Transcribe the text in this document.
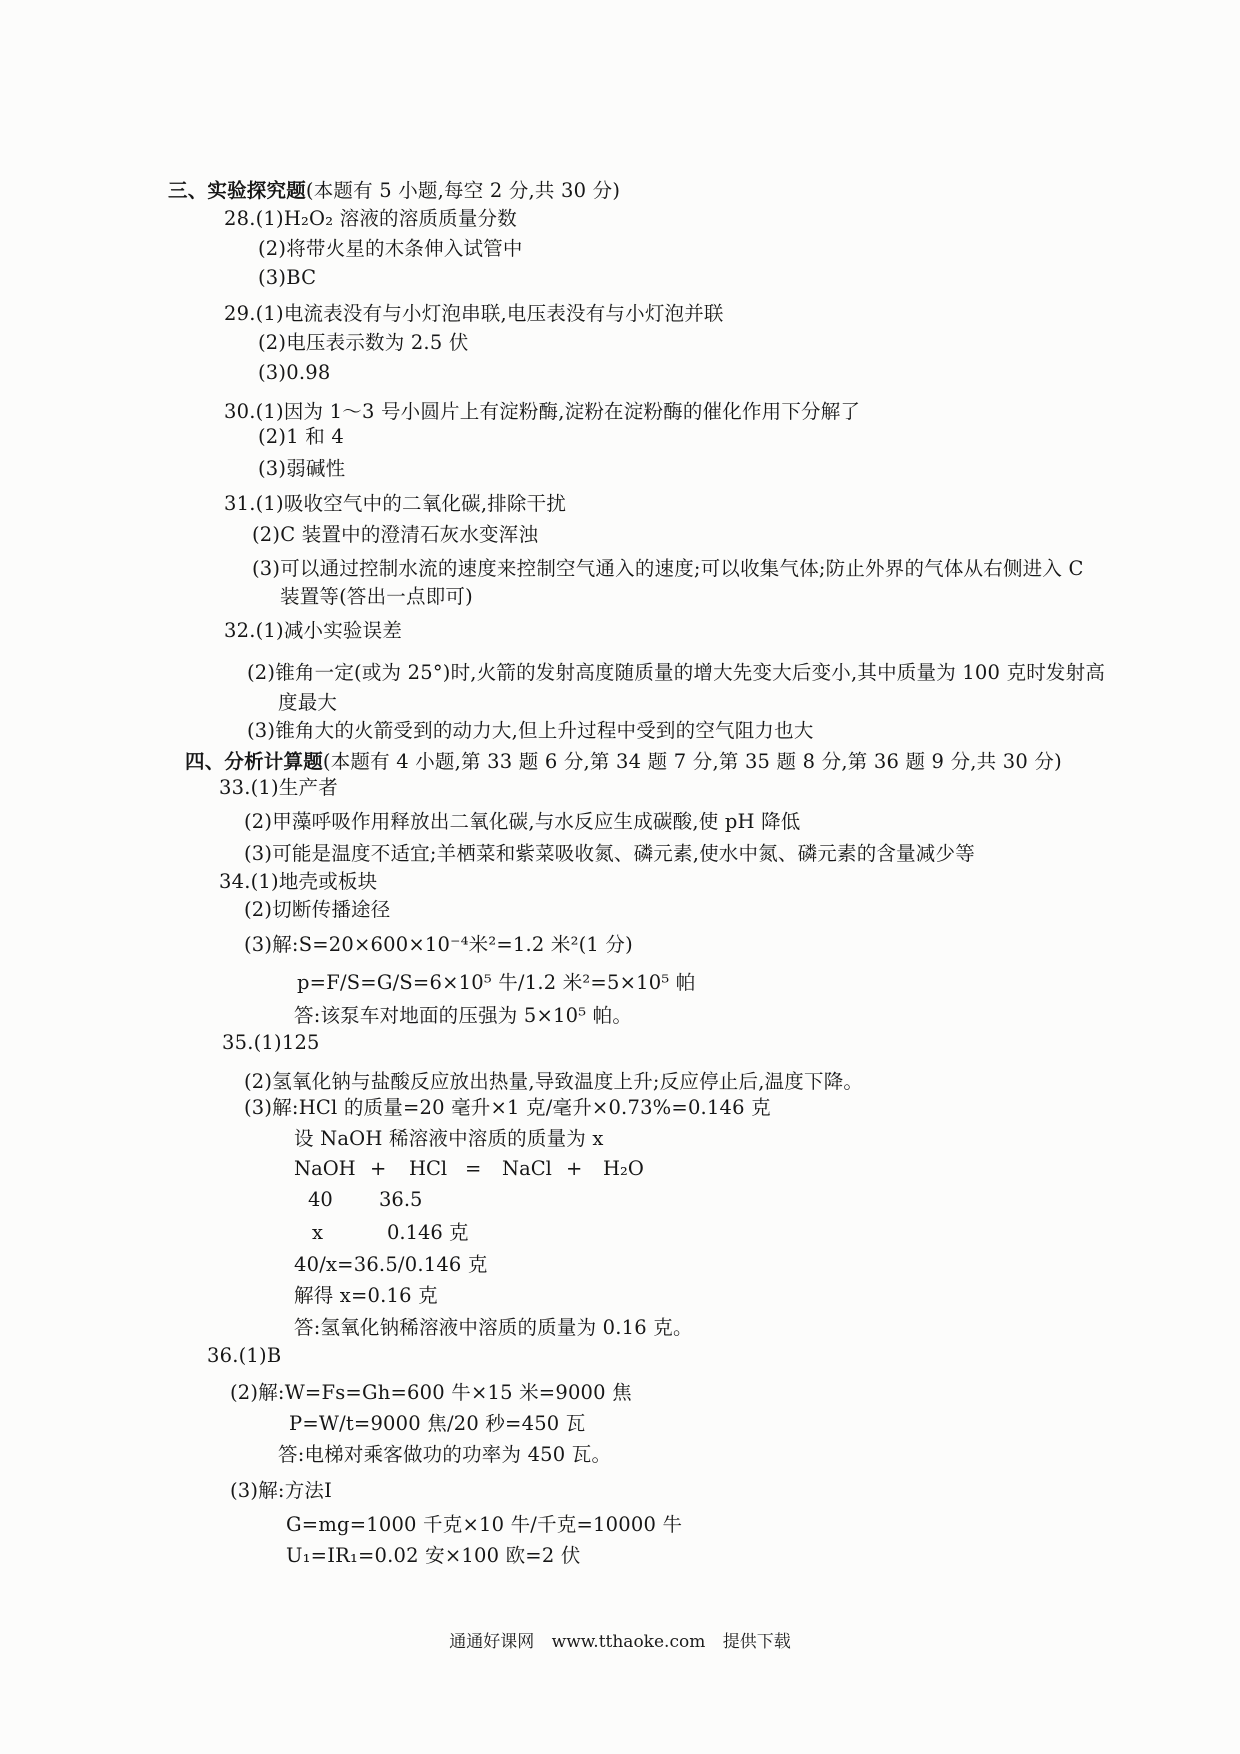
三、实验探究题(本题有 5 小题,每空 2 分,共 30 分)
28.(1)H₂O₂ 溶液的溶质质量分数
(2)将带火星的木条伸入试管中
(3)BC
29.(1)电流表没有与小灯泡串联,电压表没有与小灯泡并联
(2)电压表示数为 2.5 伏
(3)0.98
30.(1)因为 1～3 号小圆片上有淀粉酶,淀粉在淀粉酶的催化作用下分解了
(2)1 和 4
(3)弱碱性
31.(1)吸收空气中的二氧化碳,排除干扰
(2)C 装置中的澄清石灰水变浑浊
(3)可以通过控制水流的速度来控制空气通入的速度;可以收集气体;防止外界的气体从右侧进入 C
装置等(答出一点即可)
32.(1)减小实验误差
(2)锥角一定(或为 25°)时,火箭的发射高度随质量的增大先变大后变小,其中质量为 100 克时发射高
度最大
(3)锥角大的火箭受到的动力大,但上升过程中受到的空气阻力也大
四、分析计算题(本题有 4 小题,第 33 题 6 分,第 34 题 7 分,第 35 题 8 分,第 36 题 9 分,共 30 分)
33.(1)生产者
(2)甲藻呼吸作用释放出二氧化碳,与水反应生成碳酸,使 pH 降低
(3)可能是温度不适宜;羊栖菜和紫菜吸收氮、磷元素,使水中氮、磷元素的含量减少等
34.(1)地壳或板块
(2)切断传播途径
(3)解:S=20×600×10⁻⁴米²=1.2 米²(1 分)
p=F/S=G/S=6×10⁵ 牛/1.2 米²=5×10⁵ 帕
答:该泵车对地面的压强为 5×10⁵ 帕。
35.(1)125
(2)氢氧化钠与盐酸反应放出热量,导致温度上升;反应停止后,温度下降。
(3)解:HCl 的质量=20 毫升×1 克/毫升×0.73%=0.146 克
设 NaOH 稀溶液中溶质的质量为 x
NaOH + HCl = NaCl + H₂O
40 36.5
x	0.146 克
40/x=36.5/0.146 克
解得 x=0.16 克
答:氢氧化钠稀溶液中溶质的质量为 0.16 克。
36.(1)B
(2)解:W=Fs=Gh=600 牛×15 米=9000 焦
P=W/t=9000 焦/20 秒=450 瓦
答:电梯对乘客做功的功率为 450 瓦。
(3)解:方法Ⅰ
G=mg=1000 千克×10 牛/千克=10000 牛
U₁=IR₁=0.02 安×100 欧=2 伏
通通好课网 www.tthaoke.com 提供下载
